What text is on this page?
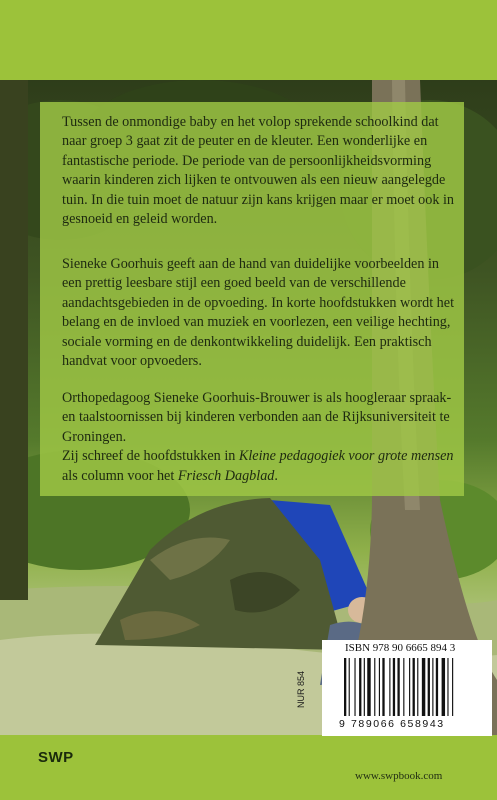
Tussen de onmondige baby en het volop sprekende schoolkind dat naar groep 3 gaat zit de peuter en de kleuter. Een wonderlijke en fantastische periode. De periode van de persoonlijkheidsvorming waarin kinderen zich lijken te ontvouwen als een nieuw aangelegde tuin. In die tuin moet de natuur zijn kans krijgen maar er moet ook in gesnoeid en geleid worden.

Sieneke Goorhuis geeft aan de hand van duidelijke voorbeelden in een prettig leesbare stijl een goed beeld van de verschillende aandachtsgebieden in de opvoeding. In korte hoofdstukken wordt het belang en de invloed van muziek en voorlezen, een veilige hechting, sociale vorming en de denkontwikkeling duidelijk. Een praktisch handvat voor opvoeders.

Orthopedagoog Sieneke Goorhuis-Brouwer is als hoogleraar spraak- en taalstoornissen bij kinderen verbonden aan de Rijksuniversiteit te Groningen.
Zij schreef de hoofdstukken in Kleine pedagogiek voor grote mensen als column voor het Friesch Dagblad.

ISBN 978 90 6665 894 3
9 789066 658943
NUR 854
SWP
www.swpbook.com
